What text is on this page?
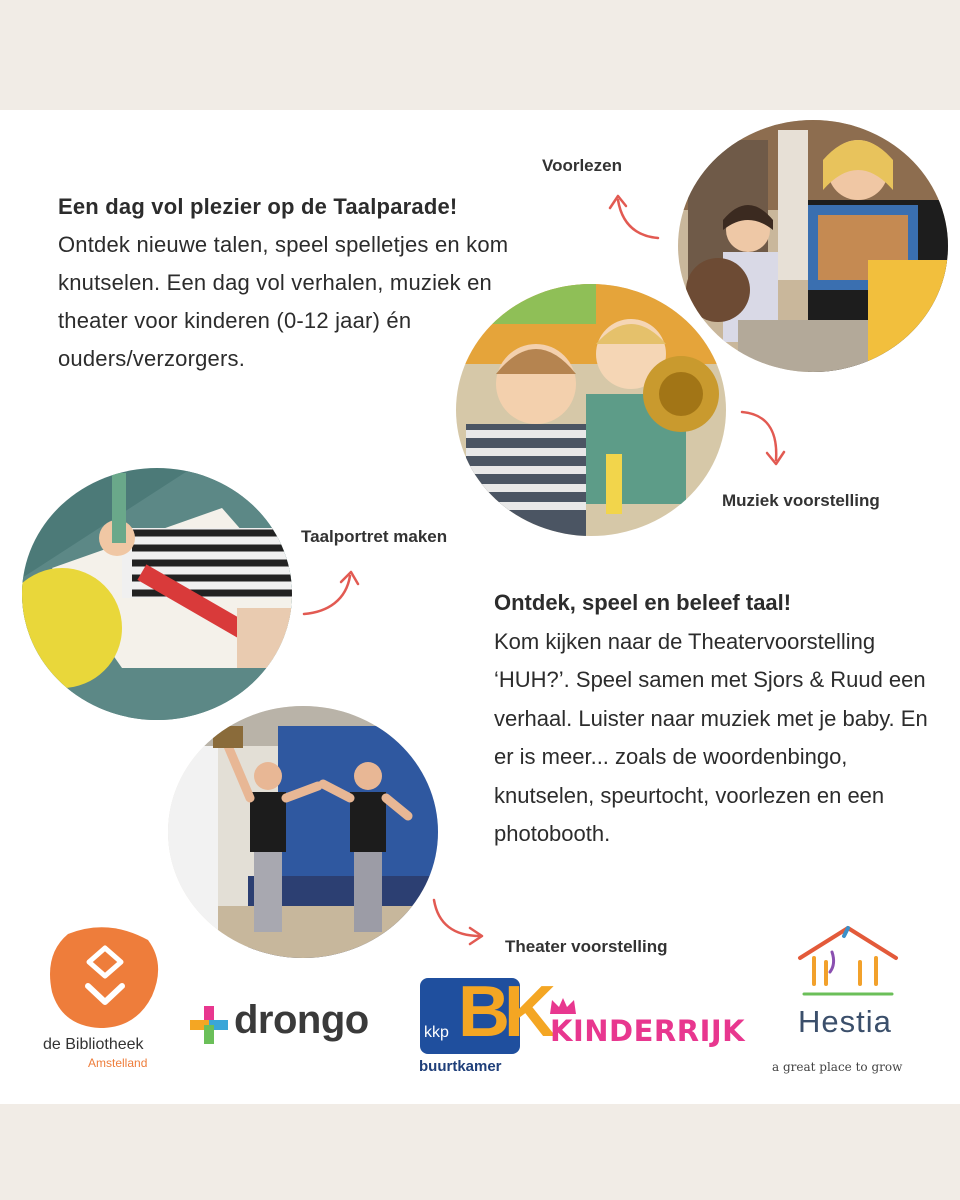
Een dag vol plezier op de Taalparade!
Ontdek nieuwe talen, speel spelletjes en kom knutselen. Een dag vol verhalen, muziek en theater voor kinderen (0-12 jaar) én ouders/verzorgers.
Voorlezen
Muziek voorstelling
Taalportret maken
Ontdek, speel en beleef taal!
Kom kijken naar de Theatervoorstelling ‘HUH?’. Speel samen met Sjors & Ruud een verhaal. Luister naar muziek met je baby. En er is meer... zoals de woordenbingo, knutselen, speurtocht, voorlezen en een photobooth.
Theater voorstelling
de Bibliotheek
Amstelland
drongo BK
kkp
buurtkamer
KINDERRIJK Hestia
a great place to grow
